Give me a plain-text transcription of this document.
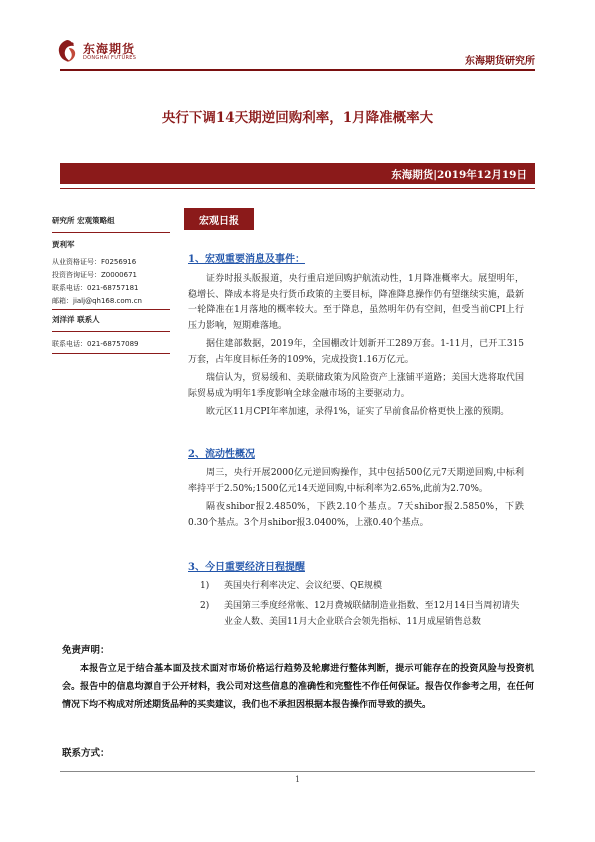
东海期货
DONGHAI FUTURES	东海期货研究所
央行下调14天期逆回购利率，1月降准概率大
东海期货|2019年12月19日
研究所 宏观策略组
贾利军
从业资格证号：F0256916
投资咨询证号：Z0000671
联系电话：021-68757181
邮箱：jialj@qh168.com.cn
刘洋洋 联系人
联系电话：021-68757089
宏观日报
1、宏观重要消息及事件：

证券时报头版报道，央行重启逆回购护航流动性，1月降准概率大。展望明年，稳增长、降成本将是央行货币政策的主要目标，降准降息操作仍有望继续实施，最新一轮降准在1月落地的概率较大。至于降息，虽然明年仍有空间，但受当前CPI上行压力影响，短期难落地。

据住建部数据，2019年，全国棚改计划新开工289万套。1-11月，已开工315万套，占年度目标任务的109%，完成投资1.16万亿元。

瑞信认为，贸易缓和、美联储政策为风险资产上涨铺平道路；美国大选将取代国际贸易成为明年1季度影响全球金融市场的主要驱动力。

欧元区11月CPI年率加速，录得1%，证实了早前食品价格更快上涨的预期。

2、流动性概况

周三，央行开展2000亿元逆回购操作，其中包括500亿元7天期逆回购,中标利率持平于2.50%;1500亿元14天逆回购,中标利率为2.65%,此前为2.70%。

隔夜shibor报2.4850%，下跌2.10个基点。7天shibor报2.5850%，下跌0.30个基点。3个月shibor报3.0400%，上涨0.40个基点。

3、今日重要经济日程提醒
1) 英国央行利率决定、会议纪要、QE规模
2) 美国第三季度经常帐、12月费城联储制造业指数、至12月14日当周初请失业金人数、美国11月大企业联合会领先指标、11月成屋销售总数
免责声明：
本报告立足于结合基本面及技术面对市场价格运行趋势及轮廓进行整体判断，提示可能存在的投资风险与投资机会。报告中的信息均源自于公开材料，我公司对这些信息的准确性和完整性不作任何保证。报告仅作参考之用，在任何情况下均不构成对所述期货品种的买卖建议，我们也不承担因根据本报告操作而导致的损失。
联系方式：
1
